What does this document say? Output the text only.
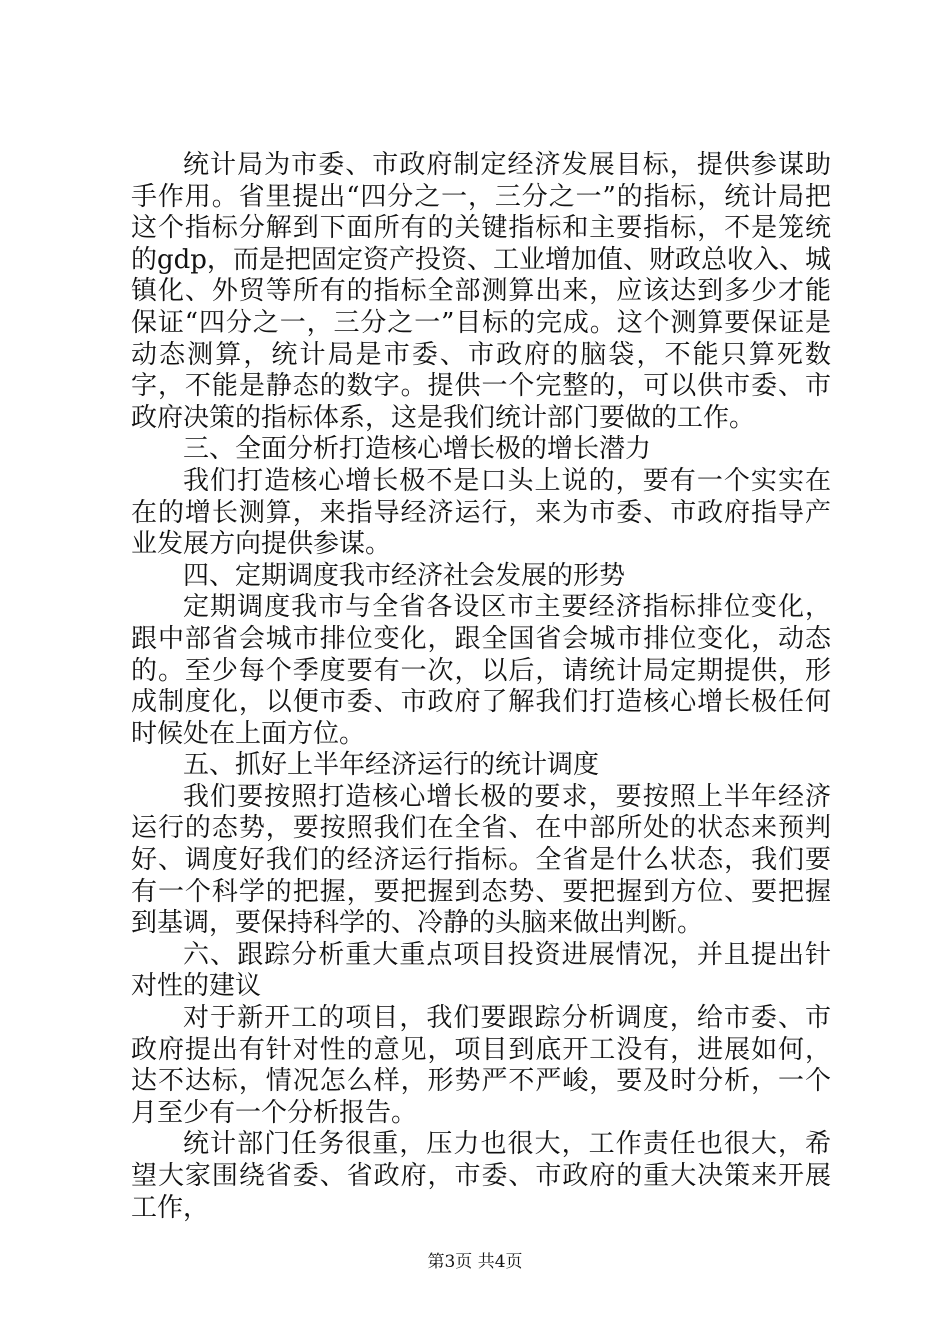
统计局为市委、市政府制定经济发展目标，提供参谋助手作用。省里提出“四分之一，三分之一”的指标，统计局把这个指标分解到下面所有的关键指标和主要指标，不是笼统的gdp，而是把固定资产投资、工业增加值、财政总收入、城镇化、外贸等所有的指标全部测算出来，应该达到多少才能保证“四分之一，三分之一”目标的完成。这个测算要保证是动态测算，统计局是市委、市政府的脑袋，不能只算死数字，不能是静态的数字。提供一个完整的，可以供市委、市政府决策的指标体系，这是我们统计部门要做的工作。

三、全面分析打造核心增长极的增长潜力

我们打造核心增长极不是口头上说的，要有一个实实在在的增长测算，来指导经济运行，来为市委、市政府指导产业发展方向提供参谋。

四、定期调度我市经济社会发展的形势

定期调度我市与全省各设区市主要经济指标排位变化，跟中部省会城市排位变化，跟全国省会城市排位变化，动态的。至少每个季度要有一次，以后，请统计局定期提供，形成制度化，以便市委、市政府了解我们打造核心增长极任何时候处在上面方位。

五、抓好上半年经济运行的统计调度

我们要按照打造核心增长极的要求，要按照上半年经济运行的态势，要按照我们在全省、在中部所处的状态来预判好、调度好我们的经济运行指标。全省是什么状态，我们要有一个科学的把握，要把握到态势、要把握到方位、要把握到基调，要保持科学的、冷静的头脑来做出判断。

六、跟踪分析重大重点项目投资进展情况，并且提出针对性的建议

对于新开工的项目，我们要跟踪分析调度，给市委、市政府提出有针对性的意见，项目到底开工没有，进展如何，达不达标，情况怎么样，形势严不严峻，要及时分析，一个月至少有一个分析报告。

统计部门任务很重，压力也很大，工作责任也很大，希望大家围绕省委、省政府，市委、市政府的重大决策来开展工作，

第3页 共4页
